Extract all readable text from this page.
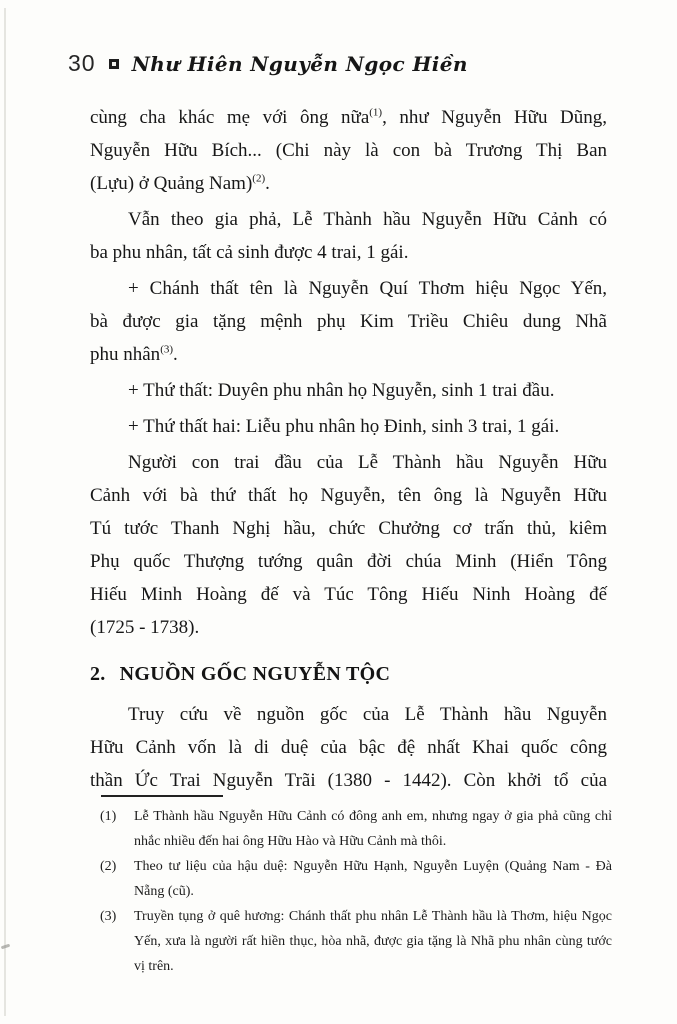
30 Như Hiên Nguyễn Ngọc Hiền
cùng cha khác mẹ với ông nữa$^{(1)}$, như Nguyễn Hữu Dũng,
Nguyễn Hữu Bích... (Chi này là con bà Trương Thị Ban
(Lựu) ở Quảng Nam)$^{(2)}$.
Vẫn theo gia phả, Lễ Thành hầu Nguyễn Hữu Cảnh có
ba phu nhân, tất cả sinh được 4 trai, 1 gái.
+ Chánh thất tên là Nguyễn Quí Thơm hiệu Ngọc Yến,
bà được gia tặng mệnh phụ Kim Triều Chiêu dung Nhã
phu nhân$^{(3)}$.
+ Thứ thất: Duyên phu nhân họ Nguyễn, sinh 1 trai đầu.
+ Thứ thất hai: Liễu phu nhân họ Đinh, sinh 3 trai, 1 gái.
Người con trai đầu của Lễ Thành hầu Nguyễn Hữu
Cảnh với bà thứ thất họ Nguyễn, tên ông là Nguyễn Hữu
Tú tước Thanh Nghị hầu, chức Chưởng cơ trấn thủ, kiêm
Phụ quốc Thượng tướng quân đời chúa Minh (Hiển Tông
Hiếu Minh Hoàng đế và Túc Tông Hiếu Ninh Hoàng đế
(1725 - 1738).
2. NGUỒN GỐC NGUYỄN TỘC
Truy cứu về nguồn gốc của Lễ Thành hầu Nguyễn
Hữu Cảnh vốn là di duệ của bậc đệ nhất Khai quốc công
thần Ức Trai Nguyễn Trãi (1380 - 1442). Còn khởi tổ của
(1) Lễ Thành hầu Nguyễn Hữu Cảnh có đông anh em, nhưng ngay ở gia phả cũng chỉ nhắc nhiều đến hai ông Hữu Hào và Hữu Cảnh mà thôi.
(2) Theo tư liệu của hậu duệ: Nguyễn Hữu Hạnh, Nguyễn Luyện (Quảng Nam - Đà Nẵng (cũ).
(3) Truyền tụng ở quê hương: Chánh thất phu nhân Lễ Thành hầu là Thơm, hiệu Ngọc Yến, xưa là người rất hiền thục, hòa nhã, được gia tặng là Nhã phu nhân cùng tước vị trên.
